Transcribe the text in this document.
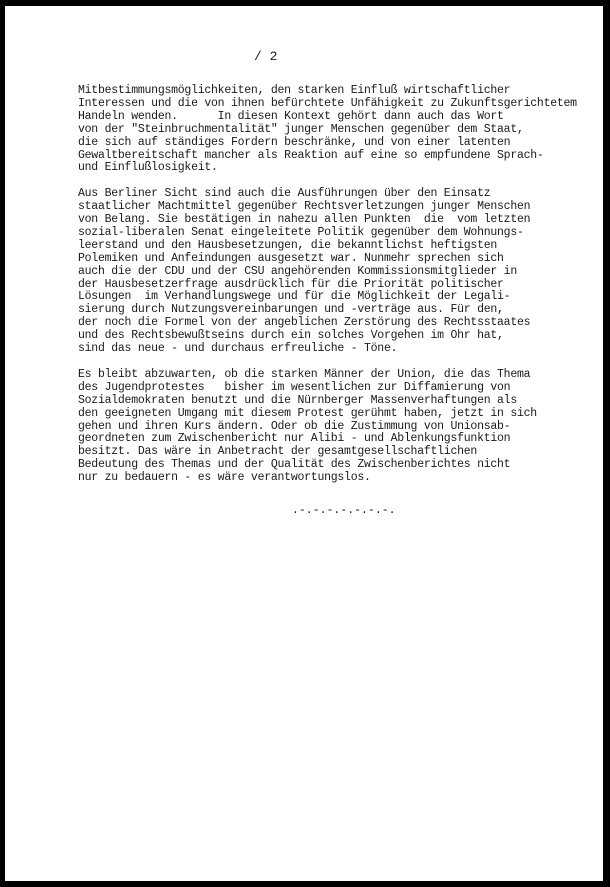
/ 2

Mitbestimmungsmöglichkeiten, den starken Einfluß wirtschaftlicher
Interessen und die von ihnen befürchtete Unfähigkeit zu Zukunftsgerichtetem
Handeln wenden.      In diesen Kontext gehört dann auch das Wort
von der "Steinbruchmentalität" junger Menschen gegenüber dem Staat,
die sich auf ständiges Fordern beschränke, und von einer latenten
Gewaltbereitschaft mancher als Reaktion auf eine so empfundene Sprach-
und Einflußlosigkeit.

Aus Berliner Sicht sind auch die Ausführungen über den Einsatz
staatlicher Machtmittel gegenüber Rechtsverletzungen junger Menschen
von Belang. Sie bestätigen in nahezu allen Punkten  die  vom letzten
sozial-liberalen Senat eingeleitete Politik gegenüber dem Wohnungs-
leerstand und den Hausbesetzungen, die bekanntlichst heftigsten
Polemiken und Anfeindungen ausgesetzt war. Nunmehr sprechen sich
auch die der CDU und der CSU angehörenden Kommissionsmitglieder in
der Hausbesetzerfrage ausdrücklich für die Priorität politischer
Lösungen  im Verhandlungswege und für die Möglichkeit der Legali-
sierung durch Nutzungsvereinbarungen und -verträge aus. Für den,
der noch die Formel von der angeblichen Zerstörung des Rechtsstaates
und des Rechtsbewußtseins durch ein solches Vorgehen im Ohr hat,
sind das neue - und durchaus erfreuliche - Töne.

Es bleibt abzuwarten, ob die starken Männer der Union, die das Thema
des Jugendprotestes   bisher im wesentlichen zur Diffamierung von
Sozialdemokraten benutzt und die Nürnberger Massenverhaftungen als
den geeigneten Umgang mit diesem Protest gerühmt haben, jetzt in sich
gehen und ihren Kurs ändern. Oder ob die Zustimmung von Unionsab-
geordneten zum Zwischenbericht nur Alibi - und Ablenkungsfunktion
besitzt. Das wäre in Anbetracht der gesamtgesellschaftlichen
Bedeutung des Themas und der Qualität des Zwischenberichtes nicht
nur zu bedauern - es wäre verantwortungslos.

.-.-.-.-.-.-.-.
